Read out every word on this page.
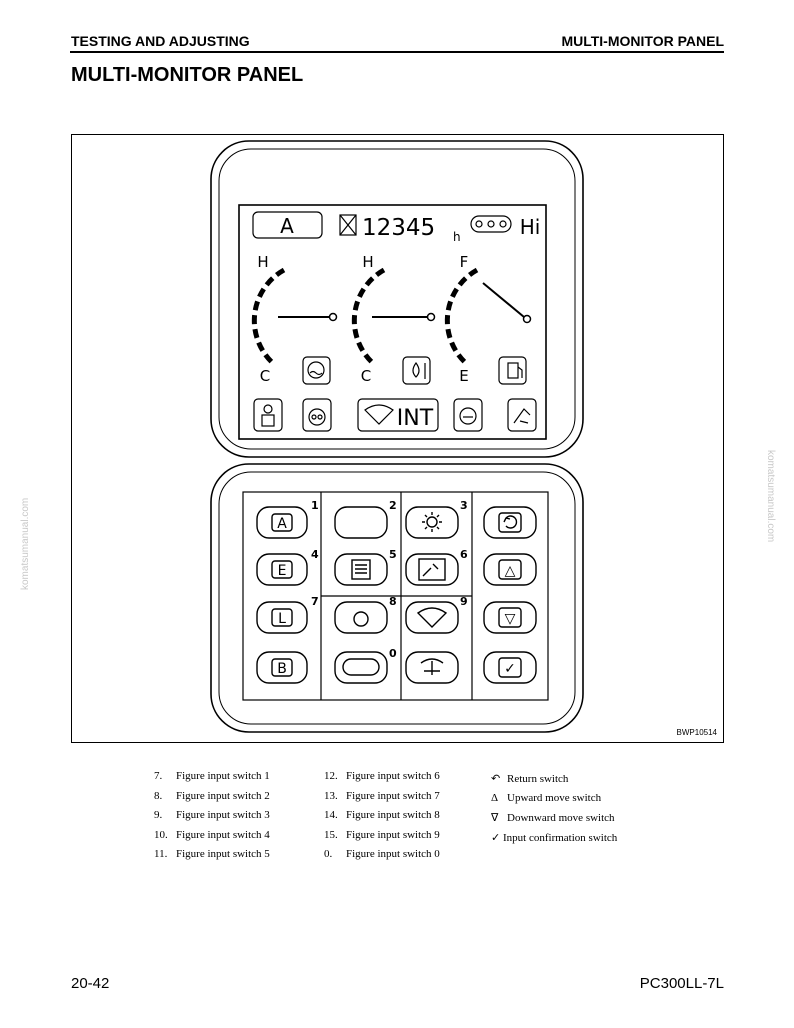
TESTING AND ADJUSTING	MULTI-MONITOR PANEL
MULTI-MONITOR PANEL
A	12345 h	Hi
H
C
H
C
F
E
INT
A
E
L
B
△
▽
✓
1	2	3
4	5	6
7	8	9
0
BWP10514
7. Figure input switch 1
8. Figure input switch 2
9. Figure input switch 3
10. Figure input switch 4
11. Figure input switch 5
12. Figure input switch 6
13. Figure input switch 7
14. Figure input switch 8
15. Figure input switch 9
0. Figure input switch 0
↶ Return switch
Δ Upward move switch
∇ Downward move switch
✓ Input confirmation switch
20-42	PC300LL-7L
komatsumanual.com
komatsumanual.com
